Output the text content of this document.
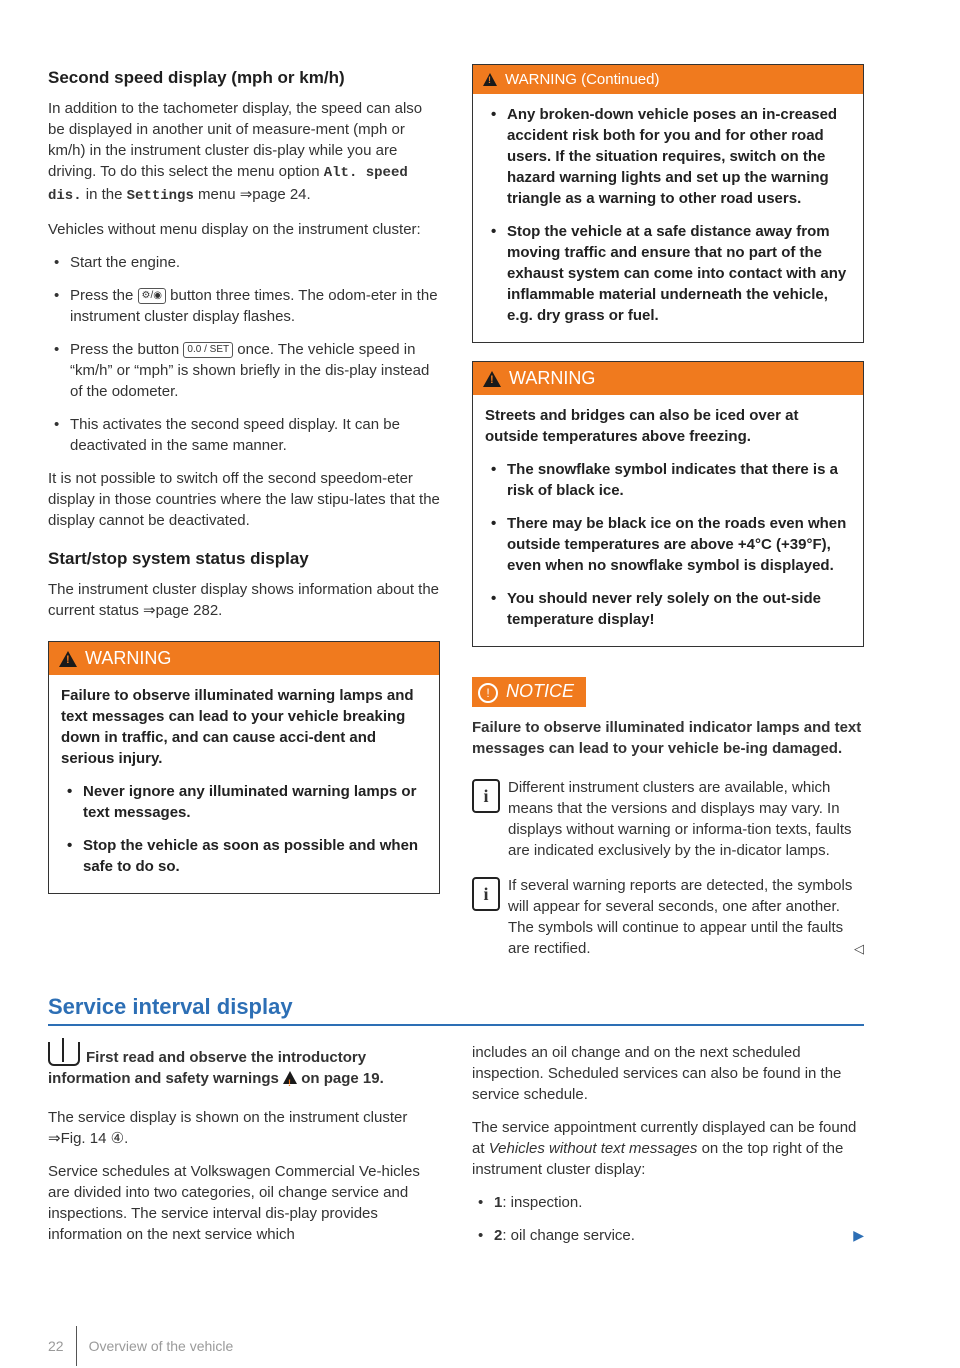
Second speed display (mph or km/h)

In addition to the tachometer display, the speed can also be displayed in another unit of measure-ment (mph or km/h) in the instrument cluster dis-play while you are driving. To do this select the menu option Alt. speed dis. in the Settings menu ⇒page 24.

Vehicles without menu display on the instrument cluster:

• Start the engine.

• Press the ⚙/◉ button three times. The odom-eter in the instrument cluster display flashes.

• Press the button 0.0 / SET once. The vehicle speed in “km/h” or “mph” is shown briefly in the dis-play instead of the odometer.

• This activates the second speed display. It can be deactivated in the same manner.

It is not possible to switch off the second speedom-eter display in those countries where the law stipu-lates that the display cannot be deactivated.

Start/stop system status display

The instrument cluster display shows information about the current status ⇒page 282.

!
WARNING

Failure to observe illuminated warning lamps and text messages can lead to your vehicle breaking down in traffic, and can cause acci-dent and serious injury.

• Never ignore any illuminated warning lamps or text messages.

• Stop the vehicle as soon as possible and when safe to do so.

!
WARNING (Continued)

• Any broken-down vehicle poses an in-creased accident risk both for you and for other road users. If the situation requires, switch on the hazard warning lights and set up the warning triangle as a warning to other road users.

• Stop the vehicle at a safe distance away from moving traffic and ensure that no part of the exhaust system can come into contact with any inflammable material underneath the vehicle, e.g. dry grass or fuel.

!
WARNING

Streets and bridges can also be iced over at outside temperatures above freezing.

• The snowflake symbol indicates that there is a risk of black ice.

• There may be black ice on the roads even when outside temperatures are above +4°C (+39°F), even when no snowflake symbol is displayed.

• You should never rely solely on the out-side temperature display!

! NOTICE

Failure to observe illuminated indicator lamps and text messages can lead to your vehicle be-ing damaged.

i	Different instrument clusters are available, which means that the versions and displays may vary. In displays without warning or informa-tion texts, faults are indicated exclusively by the in-dicator lamps.

i	If several warning reports are detected, the symbols will appear for several seconds, one after another. The symbols will continue to appear until the faults are rectified.	◁

Service interval display

First read and observe the introductory information and safety warnings ! on page 19.

The service display is shown on the instrument cluster ⇒Fig. 14 ④.

Service schedules at Volkswagen Commercial Ve-hicles are divided into two categories, oil change service and inspections. The service interval dis-play provides information on the next service which

includes an oil change and on the next scheduled inspection. Scheduled services can also be found in the service schedule.

The service appointment currently displayed can be found at Vehicles without text messages on the top right of the instrument cluster display:

• 1: inspection.

• 2: oil change service.	▶

22 Overview of the vehicle
